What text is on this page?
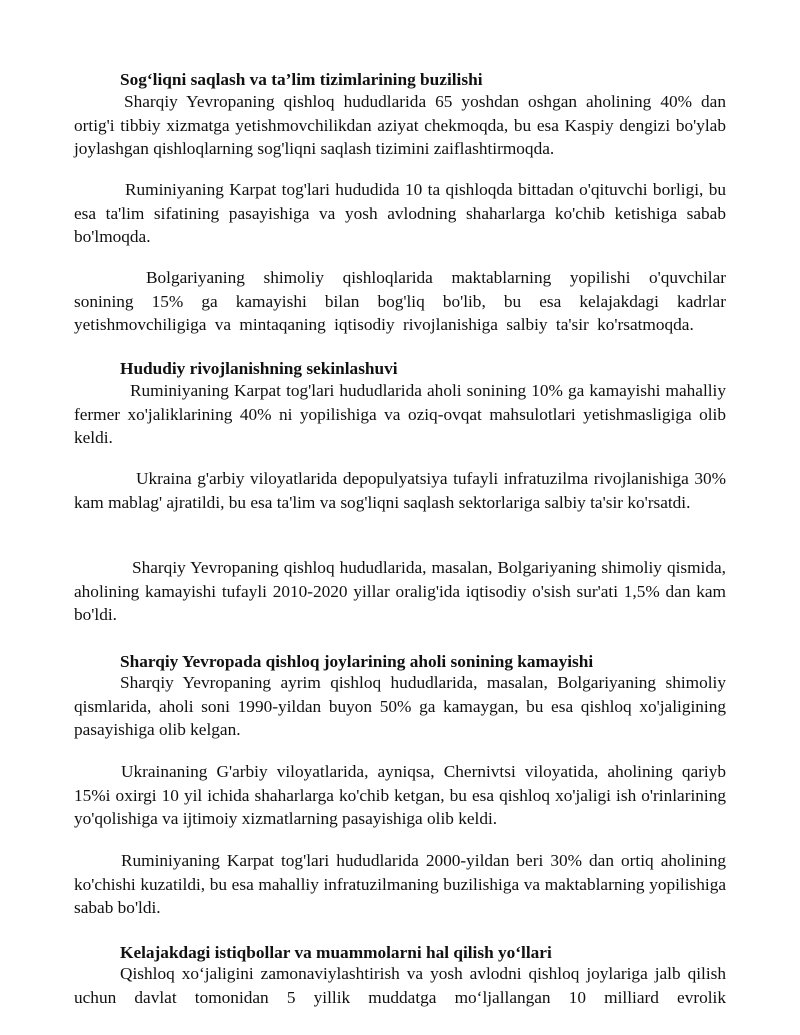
Sog‘liqni saqlash va ta’lim tizimlarining buzilishi

Sharqiy Yevropaning qishloq hududlarida 65 yoshdan oshgan aholining 40% dan ortig'i tibbiy xizmatga yetishmovchilikdan aziyat chekmoqda, bu esa Kaspiy dengizi bo'ylab joylashgan qishloqlarning sog'liqni saqlash tizimini zaiflashtirmoqda.

Ruminiyaning Karpat tog'lari hududida 10 ta qishloqda bittadan o'qituvchi borligi, bu esa ta'lim sifatining pasayishiga va yosh avlodning shaharlarga ko'chib ketishiga sabab bo'lmoqda.

Bolgariyaning shimoliy qishloqlarida maktablarning yopilishi o'quvchilar sonining 15% ga kamayishi bilan bog'liq bo'lib, bu esa kelajakdagi kadrlar yetishmovchiligiga va mintaqaning iqtisodiy rivojlanishiga salbiy ta'sir ko'rsatmoqda.

Hududiy rivojlanishning sekinlashuvi

Ruminiyaning Karpat tog'lari hududlarida aholi sonining 10% ga kamayishi mahalliy fermer xo'jaliklarining 40% ni yopilishiga va oziq-ovqat mahsulotlari yetishmasligiga olib keldi.

Ukraina g'arbiy viloyatlarida depopulyatsiya tufayli infratuzilma rivojlanishiga 30% kam mablag' ajratildi, bu esa ta'lim va sog'liqni saqlash sektorlariga salbiy ta'sir ko'rsatdi.

Sharqiy Yevropaning qishloq hududlarida, masalan, Bolgariyaning shimoliy qismida, aholining kamayishi tufayli 2010-2020 yillar oralig'ida iqtisodiy o'sish sur'ati 1,5% dan kam bo'ldi.

Sharqiy Yevropada qishloq joylarining aholi sonining kamayishi

Sharqiy Yevropaning ayrim qishloq hududlarida, masalan, Bolgariyaning shimoliy qismlarida, aholi soni 1990-yildan buyon 50% ga kamaygan, bu esa qishloq xo'jaligining pasayishiga olib kelgan.

Ukrainaning G'arbiy viloyatlarida, ayniqsa, Chernivtsi viloyatida, aholining qariyb 15%i oxirgi 10 yil ichida shaharlarga ko'chib ketgan, bu esa qishloq xo'jaligi ish o'rinlarining yo'qolishiga va ijtimoiy xizmatlarning pasayishiga olib keldi.

Ruminiyaning Karpat tog'lari hududlarida 2000-yildan beri 30% dan ortiq aholining ko'chishi kuzatildi, bu esa mahalliy infratuzilmaning buzilishiga va maktablarning yopilishiga sabab bo'ldi.

Kelajakdagi istiqbollar va muammolarni hal qilish yo‘llari

Qishloq xo‘jaligini zamonaviylashtirish va yosh avlodni qishloq joylariga jalb qilish uchun davlat tomonidan 5 yillik muddatga mo‘ljallangan 10 milliard evrolik
